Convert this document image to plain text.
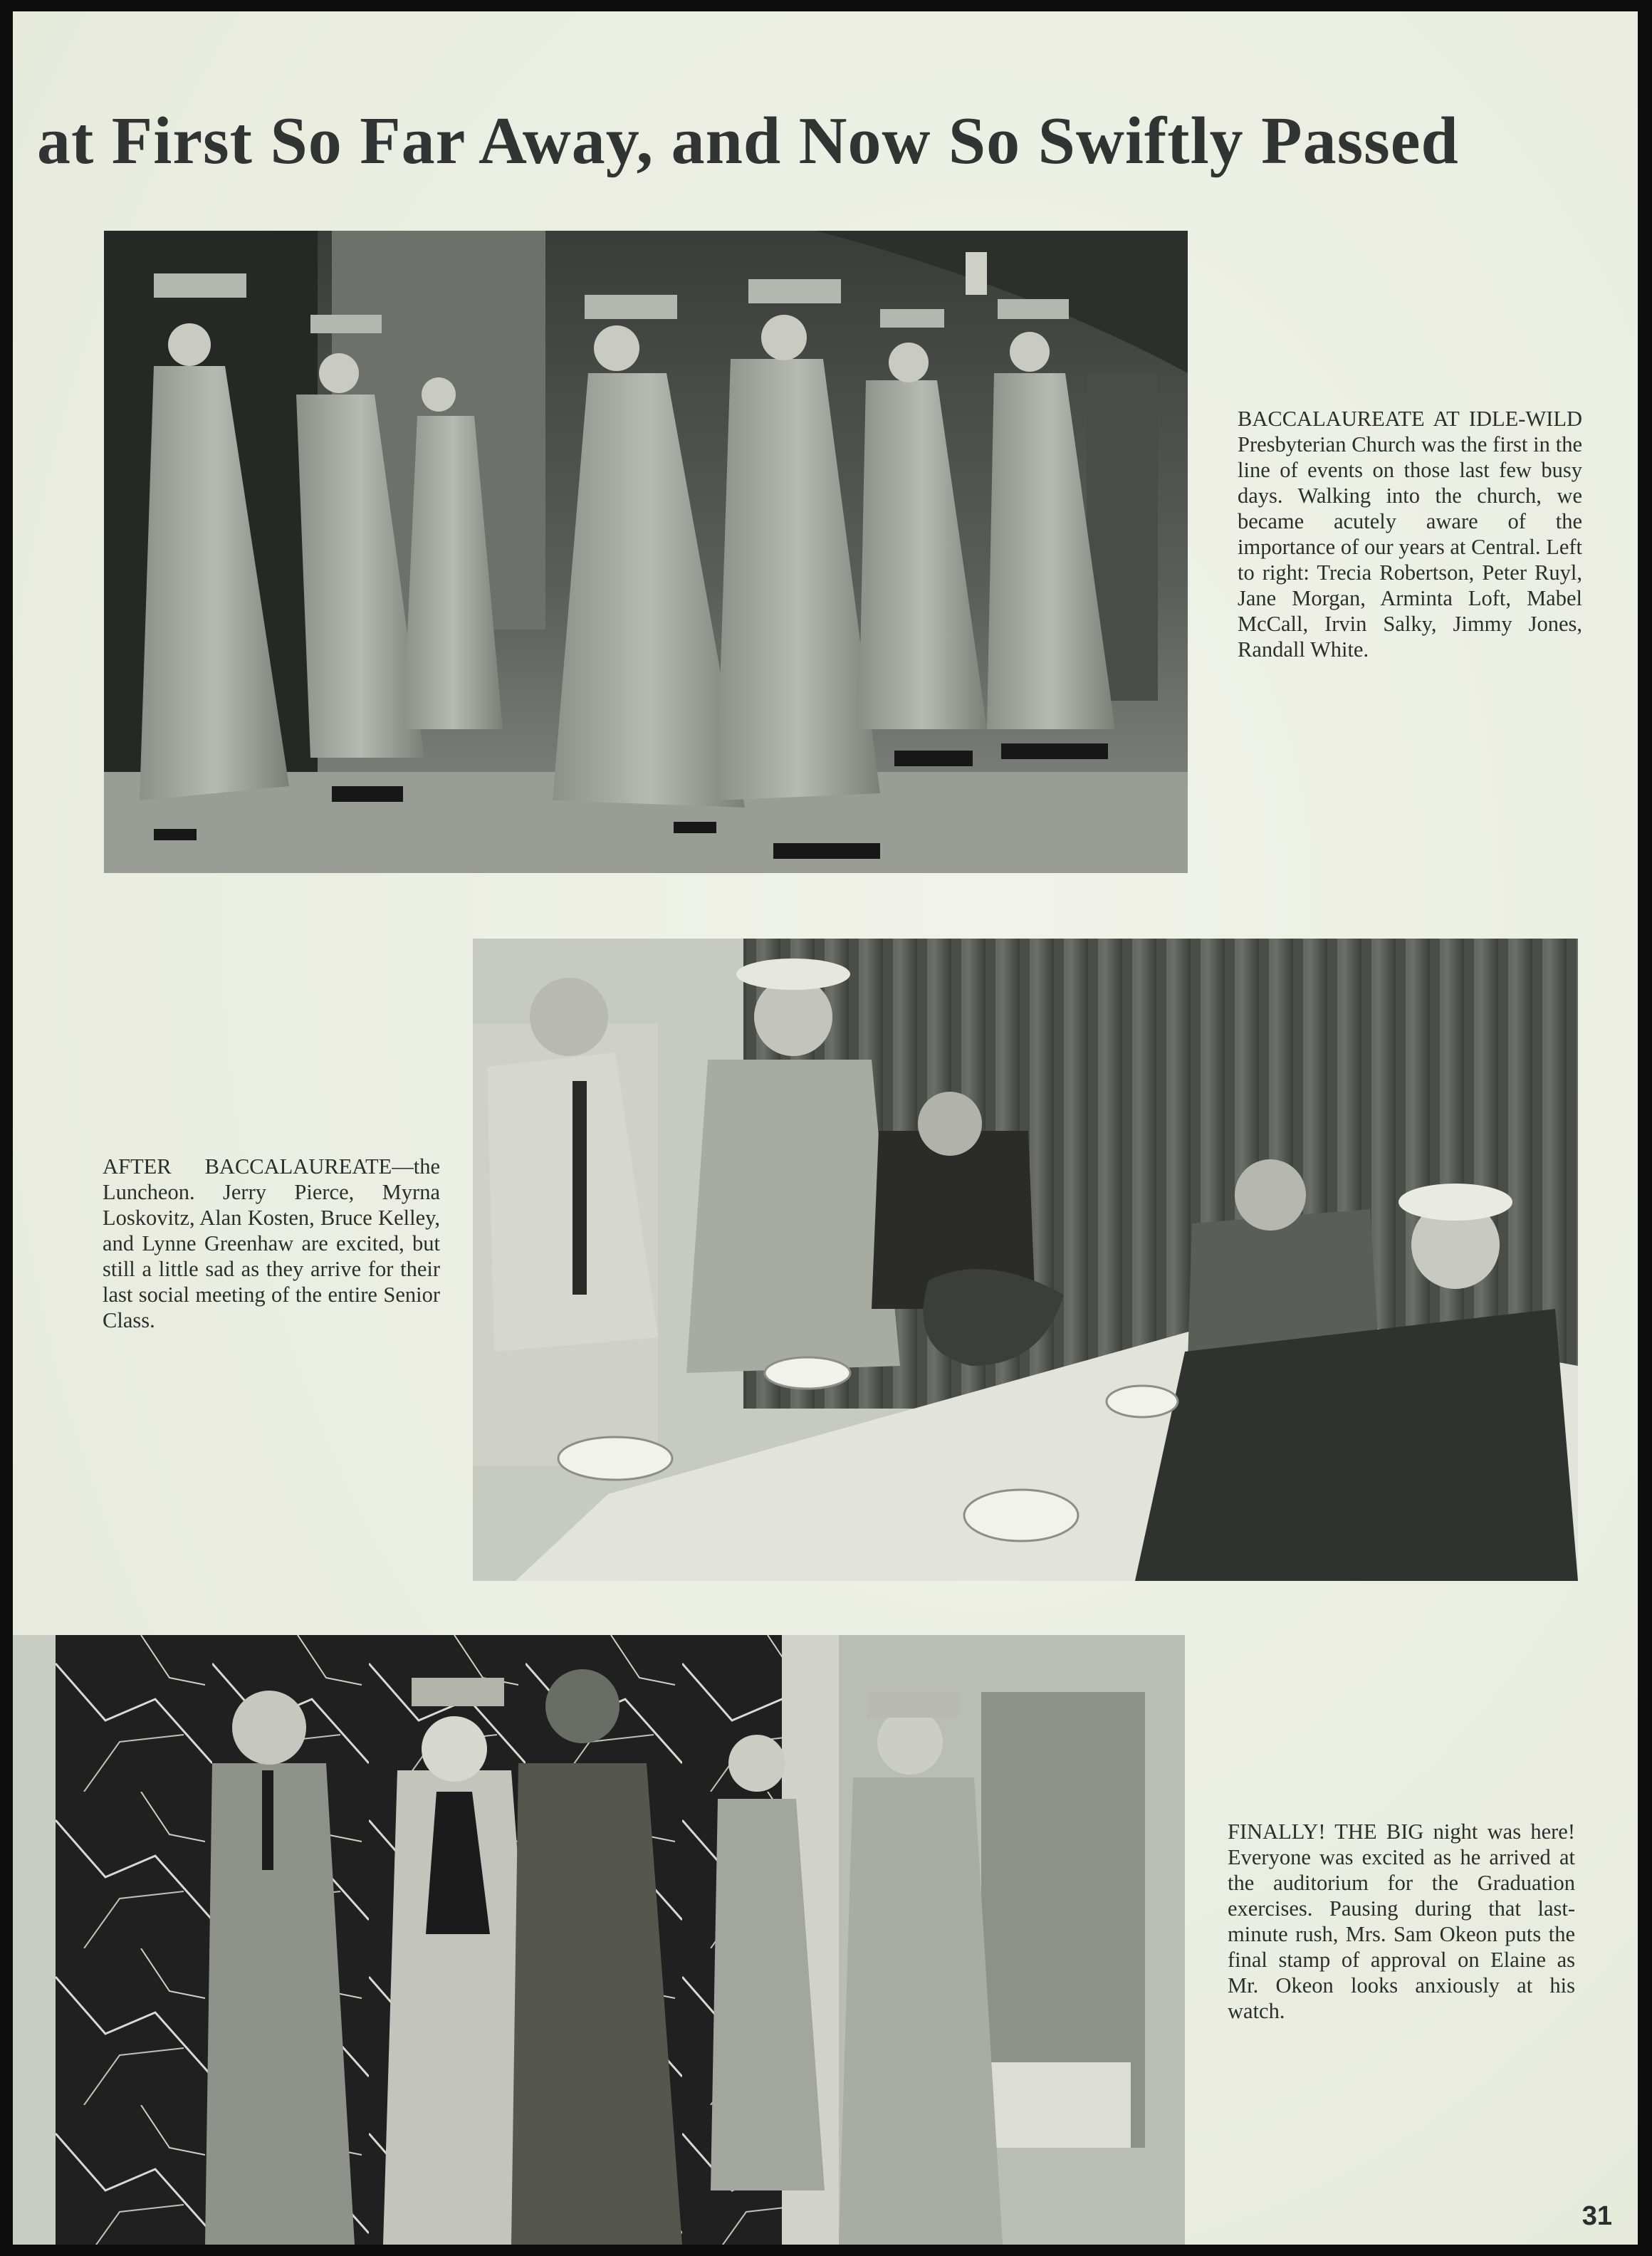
at First So Far Away, and Now So Swiftly Passed

BACCALAUREATE AT IDLE-WILD Presbyterian Church was the first in the line of events on those last few busy days. Walking into the church, we became acutely aware of the importance of our years at Central. Left to right: Trecia Robertson, Peter Ruyl, Jane Morgan, Arminta Loft, Mabel McCall, Irvin Salky, Jimmy Jones, Randall White.

AFTER BACCALAUREATE—the Luncheon. Jerry Pierce, Myrna Loskovitz, Alan Kosten, Bruce Kelley, and Lynne Greenhaw are excited, but still a little sad as they arrive for their last social meeting of the entire Senior Class.

FINALLY! THE BIG night was here! Everyone was excited as he arrived at the auditorium for the Graduation exercises. Pausing during that last-minute rush, Mrs. Sam Okeon puts the final stamp of approval on Elaine as Mr. Okeon looks anxiously at his watch.

31
